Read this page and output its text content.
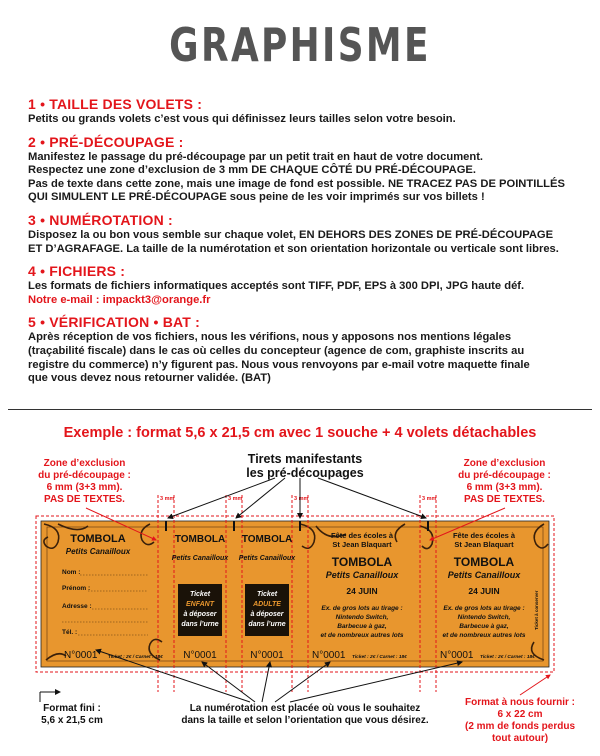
GRAPHISME
1 • TAILLE DES VOLETS :

Petits ou grands volets c’est vous qui définissez leurs tailles selon votre besoin.

2 • PRÉ-DÉCOUPAGE :

Manifestez le passage du pré-découpage par un petit trait en haut de votre document.

Respectez une zone d’exclusion de 3 mm DE CHAQUE CÔTÉ DU PRÉ-DÉCOUPAGE.

Pas de texte dans cette zone, mais une image de fond est possible. NE TRACEZ PAS DE POINTILLÉS

QUI SIMULENT LE PRÉ-DÉCOUPAGE sous peine de les voir imprimés sur vos billets !

3 • NUMÉROTATION :

Disposez la ou bon vous semble sur chaque volet, EN DEHORS DES ZONES DE PRÉ-DÉCOUPAGE

ET D’AGRAFAGE. La taille de la numérotation et son orientation horizontale ou verticale sont libres.

4 • FICHIERS :

Les formats de fichiers informatiques acceptés sont TIFF, PDF, EPS à 300 DPI, JPG haute déf.

Notre e-mail : impackt3@orange.fr

5 • VÉRIFICATION • BAT :

Après réception de vos fichiers, nous les vérifions, nous y apposons nos mentions légales

(traçabilité fiscale) dans le cas où celles du concepteur (agence de com, graphiste inscrits au

registre du commerce) n’y figurent pas. Nous vous renvoyons par e-mail votre maquette finale

que vous devez nous retourner validée. (BAT)

Exemple : format 5,6 x 21,5 cm avec 1 souche + 4 volets détachables
Zone d’exclusion
du pré-découpage :
6 mm (3+3 mm).
PAS DE TEXTES.
Zone d’exclusion
du pré-découpage :
6 mm (3+3 mm).
PAS DE TEXTES.
Tirets manifestants
les pré-découpages
Format fini :
5,6 x 21,5 cm
La numérotation est placée où vous le souhaitez
dans la taille et selon l’orientation que vous désirez.
Format à nous fournir :
6 x 22 cm
(2 mm de fonds perdus
tout autour)
3 mm	3 mm	3 mm	3 mm
TOMBOLA
Petits Canailloux
Nom :
Prénom :
Adresse :
Tél. :
N°0001 Ticket : 2€ / Carnet : 18€
TOMBOLA
Petits Canailloux
Ticket
ENFANT
à déposer
dans l’urne
N°0001
TOMBOLA
Petits Canailloux
Ticket
ADULTE
à déposer
dans l’urne
N°0001
Fête des écoles à
St Jean Blaquart
TOMBOLA
Petits Canailloux
24 JUIN
Ex. de gros lots au tirage :
Nintendo Switch,
Barbecue à gaz,
et de nombreux autres lots
N°0001 Ticket : 2€ / Carnet : 18€
Fête des écoles à
St Jean Blaquart
TOMBOLA
Petits Canailloux
24 JUIN
Ex. de gros lots au tirage :
Nintendo Switch,
Barbecue à gaz,
et de nombreux autres lots
N°0001 Ticket : 2€ / Carnet : 18€
Ticket à conserver
